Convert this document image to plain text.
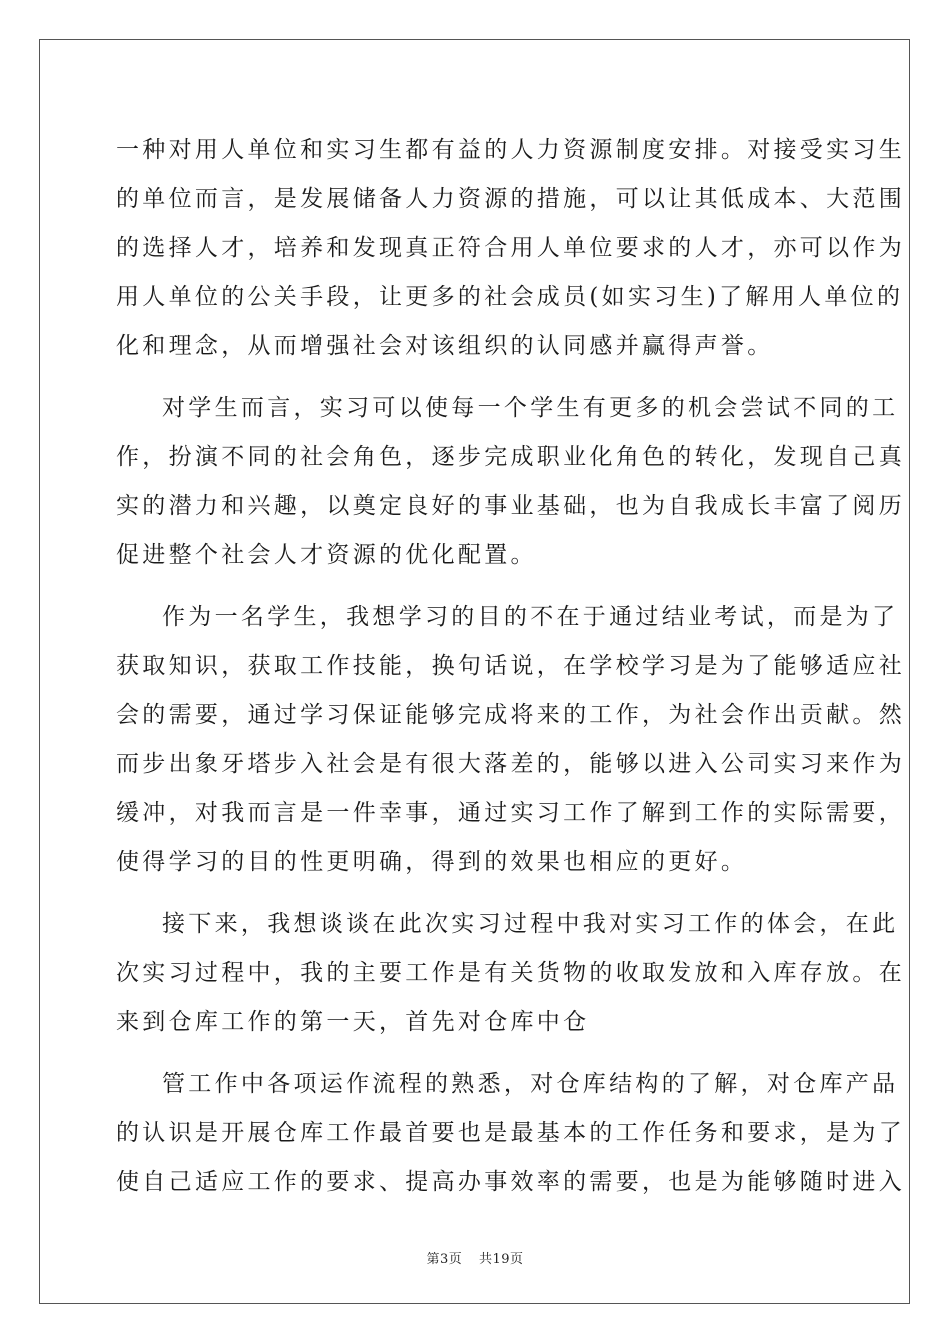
一种对用人单位和实习生都有益的人力资源制度安排。对接受实习生
的单位而言，是发展储备人力资源的措施，可以让其低成本、大范围
的选择人才，培养和发现真正符合用人单位要求的人才，亦可以作为
用人单位的公关手段，让更多的社会成员(如实习生)了解用人单位的
化和理念，从而增强社会对该组织的认同感并赢得声誉。
对学生而言，实习可以使每一个学生有更多的机会尝试不同的工
作，扮演不同的社会角色，逐步完成职业化角色的转化，发现自己真
实的潜力和兴趣，以奠定良好的事业基础，也为自我成长丰富了阅历
促进整个社会人才资源的优化配置。
作为一名学生，我想学习的目的不在于通过结业考试，而是为了
获取知识，获取工作技能，换句话说，在学校学习是为了能够适应社
会的需要，通过学习保证能够完成将来的工作，为社会作出贡献。然
而步出象牙塔步入社会是有很大落差的，能够以进入公司实习来作为
缓冲，对我而言是一件幸事，通过实习工作了解到工作的实际需要，
使得学习的目的性更明确，得到的效果也相应的更好。
接下来，我想谈谈在此次实习过程中我对实习工作的体会，在此
次实习过程中，我的主要工作是有关货物的收取发放和入库存放。在
来到仓库工作的第一天，首先对仓库中仓
管工作中各项运作流程的熟悉，对仓库结构的了解，对仓库产品
的认识是开展仓库工作最首要也是最基本的工作任务和要求，是为了
使自己适应工作的要求、提高办事效率的需要，也是为能够随时进入
第3页 共19页
